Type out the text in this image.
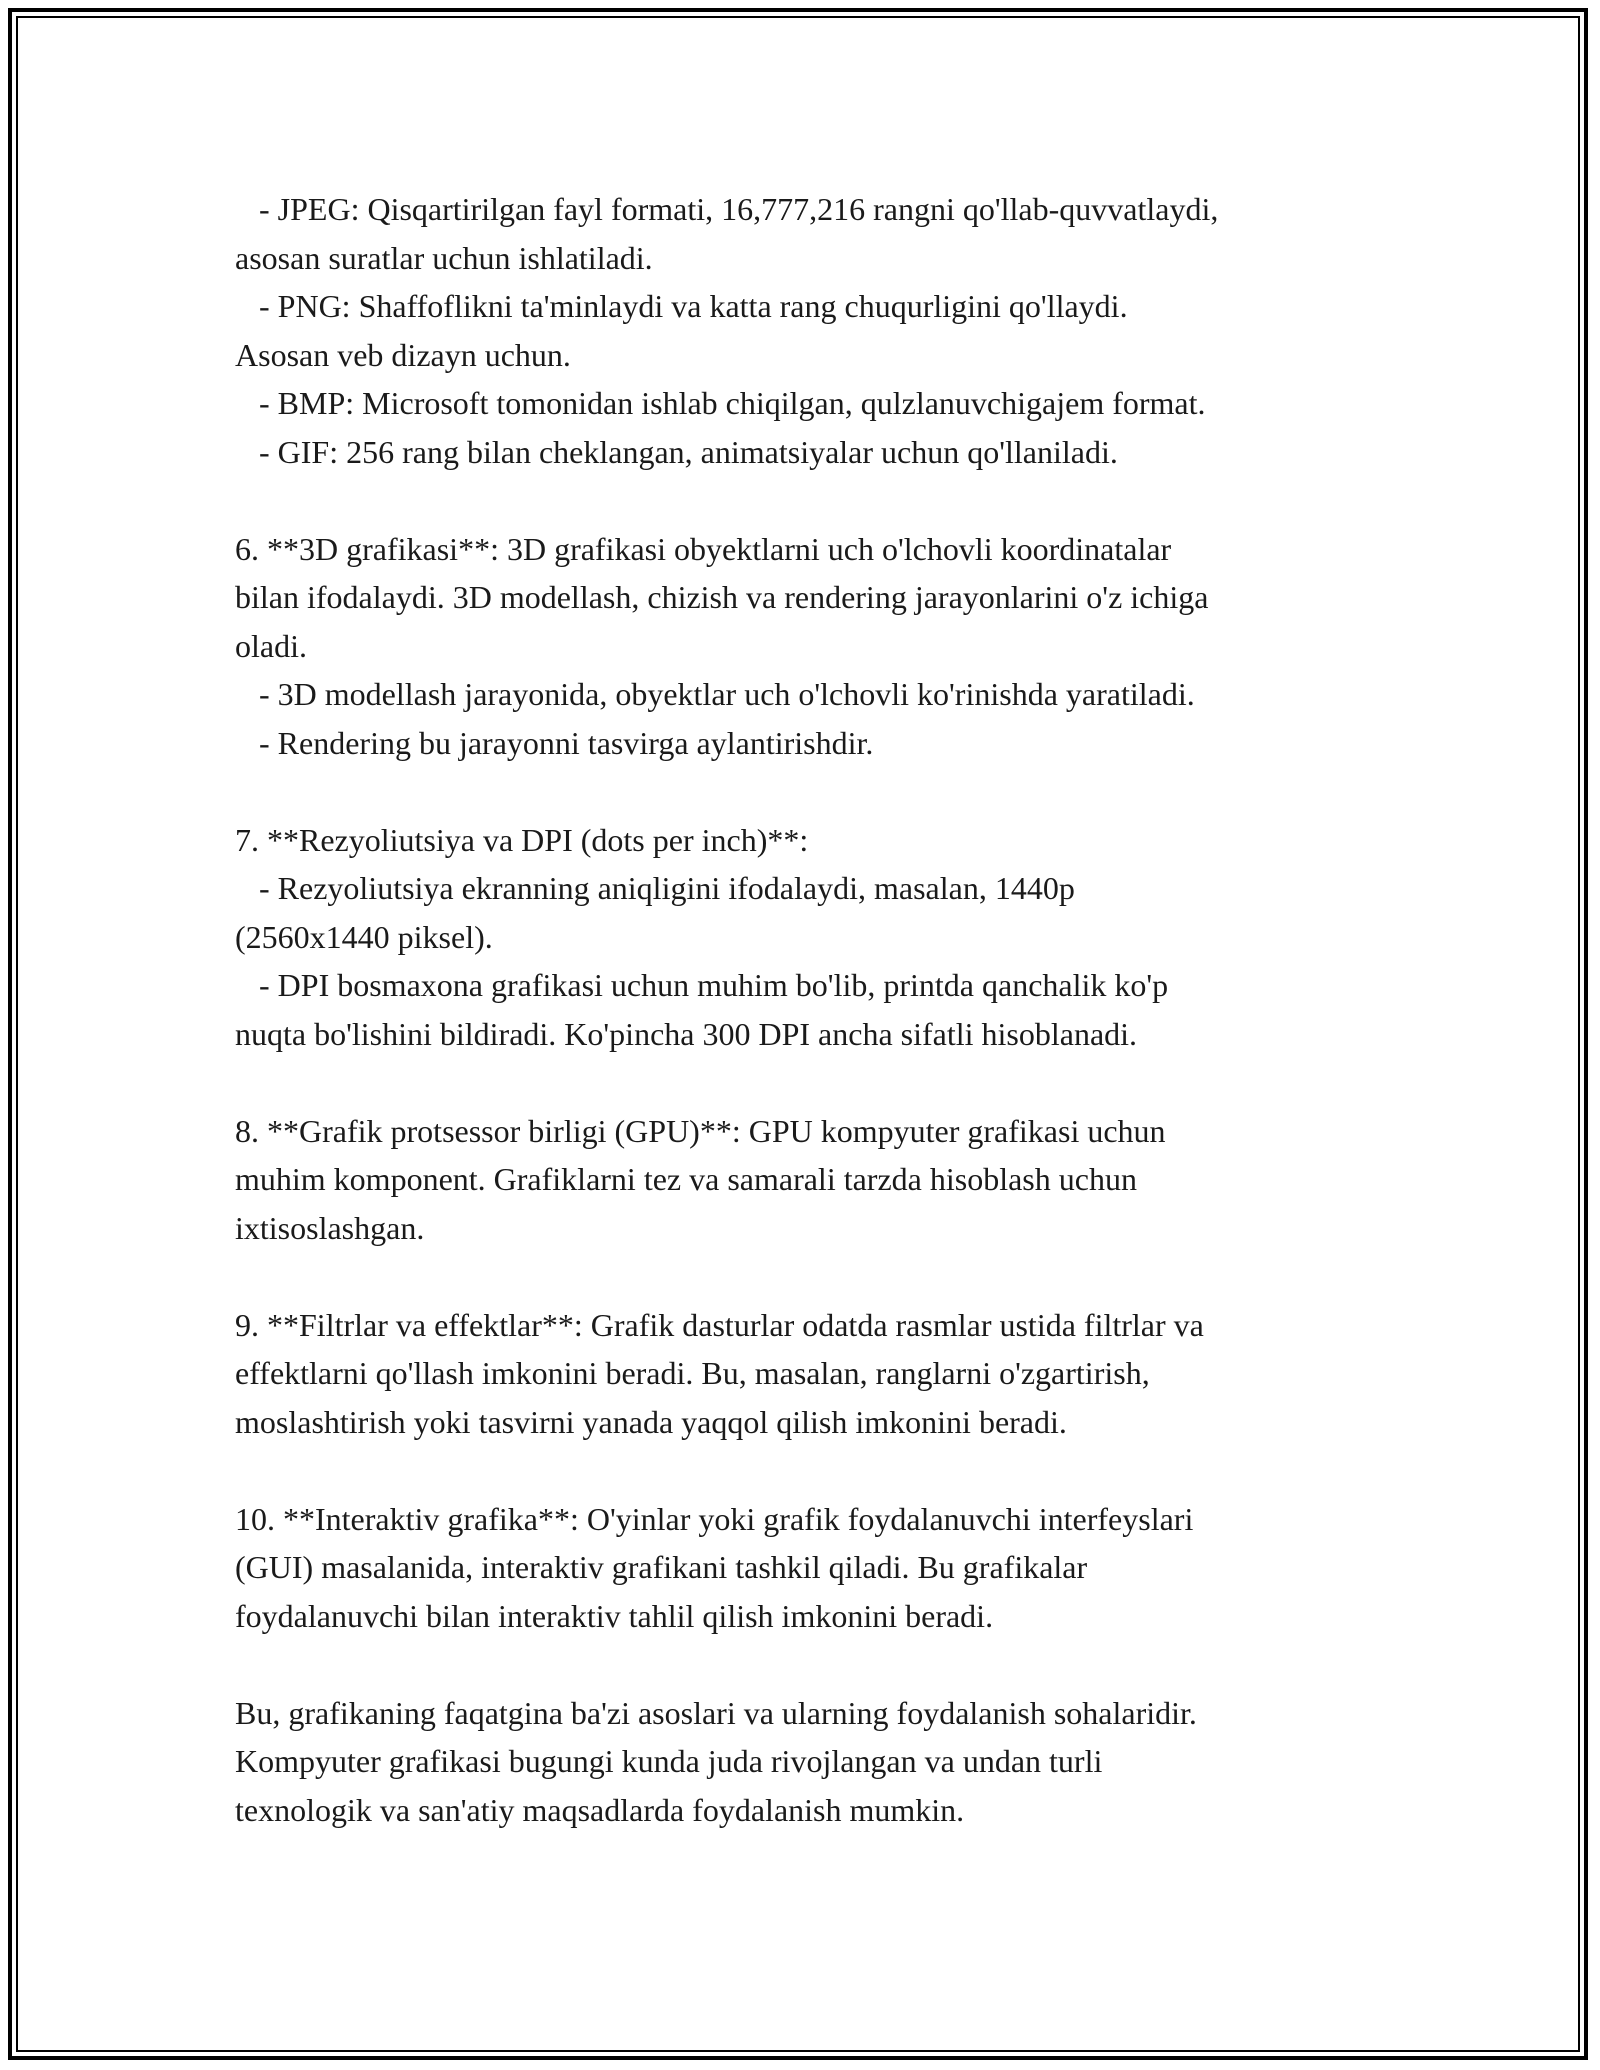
- JPEG: Qisqartirilgan fayl formati, 16,777,216 rangni qo'llab-quvvatlaydi,
asosan suratlar uchun ishlatiladi.
- PNG: Shaffoflikni ta'minlaydi va katta rang chuqurligini qo'llaydi.
Asosan veb dizayn uchun.
- BMP: Microsoft tomonidan ishlab chiqilgan, qulzlanuvchigajem format.
- GIF: 256 rang bilan cheklangan, animatsiyalar uchun qo'llaniladi.
6. **3D grafikasi**: 3D grafikasi obyektlarni uch o'lchovli koordinatalar
bilan ifodalaydi. 3D modellash, chizish va rendering jarayonlarini o'z ichiga
oladi.
- 3D modellash jarayonida, obyektlar uch o'lchovli ko'rinishda yaratiladi.
- Rendering bu jarayonni tasvirga aylantirishdir.
7. **Rezyoliutsiya va DPI (dots per inch)**:
- Rezyoliutsiya ekranning aniqligini ifodalaydi, masalan, 1440p
(2560x1440 piksel).
- DPI bosmaxona grafikasi uchun muhim bo'lib, printda qanchalik ko'p
nuqta bo'lishini bildiradi. Ko'pincha 300 DPI ancha sifatli hisoblanadi.
8. **Grafik protsessor birligi (GPU)**: GPU kompyuter grafikasi uchun
muhim komponent. Grafiklarni tez va samarali tarzda hisoblash uchun
ixtisoslashgan.
9. **Filtrlar va effektlar**: Grafik dasturlar odatda rasmlar ustida filtrlar va
effektlarni qo'llash imkonini beradi. Bu, masalan, ranglarni o'zgartirish,
moslashtirish yoki tasvirni yanada yaqqol qilish imkonini beradi.
10. **Interaktiv grafika**: O'yinlar yoki grafik foydalanuvchi interfeyslari
(GUI) masalanida, interaktiv grafikani tashkil qiladi. Bu grafikalar
foydalanuvchi bilan interaktiv tahlil qilish imkonini beradi.
Bu, grafikaning faqatgina ba'zi asoslari va ularning foydalanish sohalaridir.
Kompyuter grafikasi bugungi kunda juda rivojlangan va undan turli
texnologik va san'atiy maqsadlarda foydalanish mumkin.
